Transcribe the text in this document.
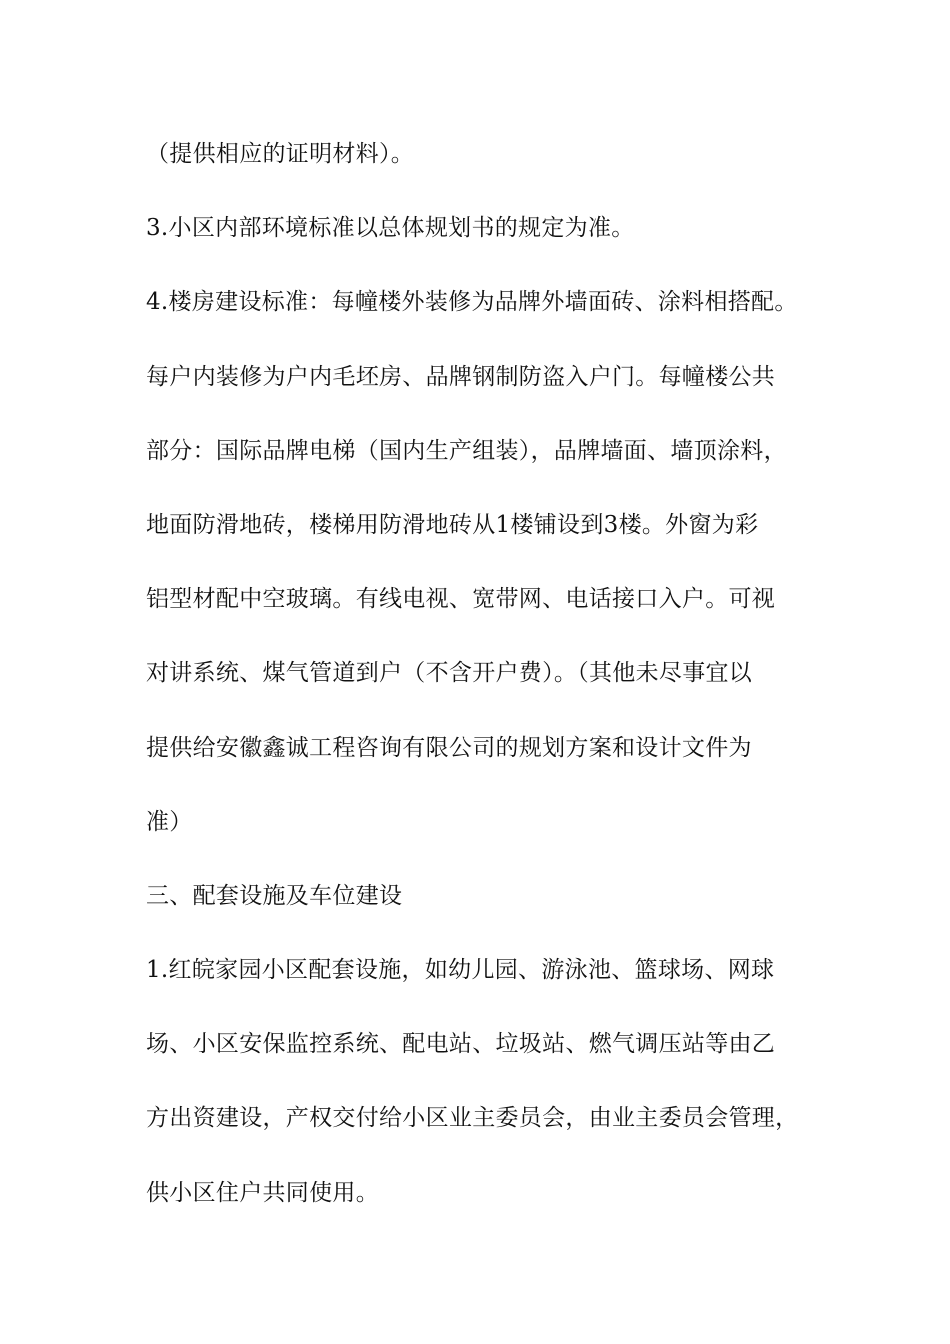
（提供相应的证明材料）。
3.小区内部环境标准以总体规划书的规定为准。
4.楼房建设标准：每幢楼外装修为品牌外墙面砖、涂料相搭配。
每户内装修为户内毛坯房、品牌钢制防盗入户门。每幢楼公共
部分：国际品牌电梯（国内生产组装），品牌墙面、墙顶涂料，
地面防滑地砖，楼梯用防滑地砖从1楼铺设到3楼。外窗为彩
铝型材配中空玻璃。有线电视、宽带网、电话接口入户。可视
对讲系统、煤气管道到户（不含开户费）。（其他未尽事宜以
提供给安徽鑫诚工程咨询有限公司的规划方案和设计文件为
准）
三、配套设施及车位建设
1.红皖家园小区配套设施，如幼儿园、游泳池、篮球场、网球
场、小区安保监控系统、配电站、垃圾站、燃气调压站等由乙
方出资建设，产权交付给小区业主委员会，由业主委员会管理，
供小区住户共同使用。
